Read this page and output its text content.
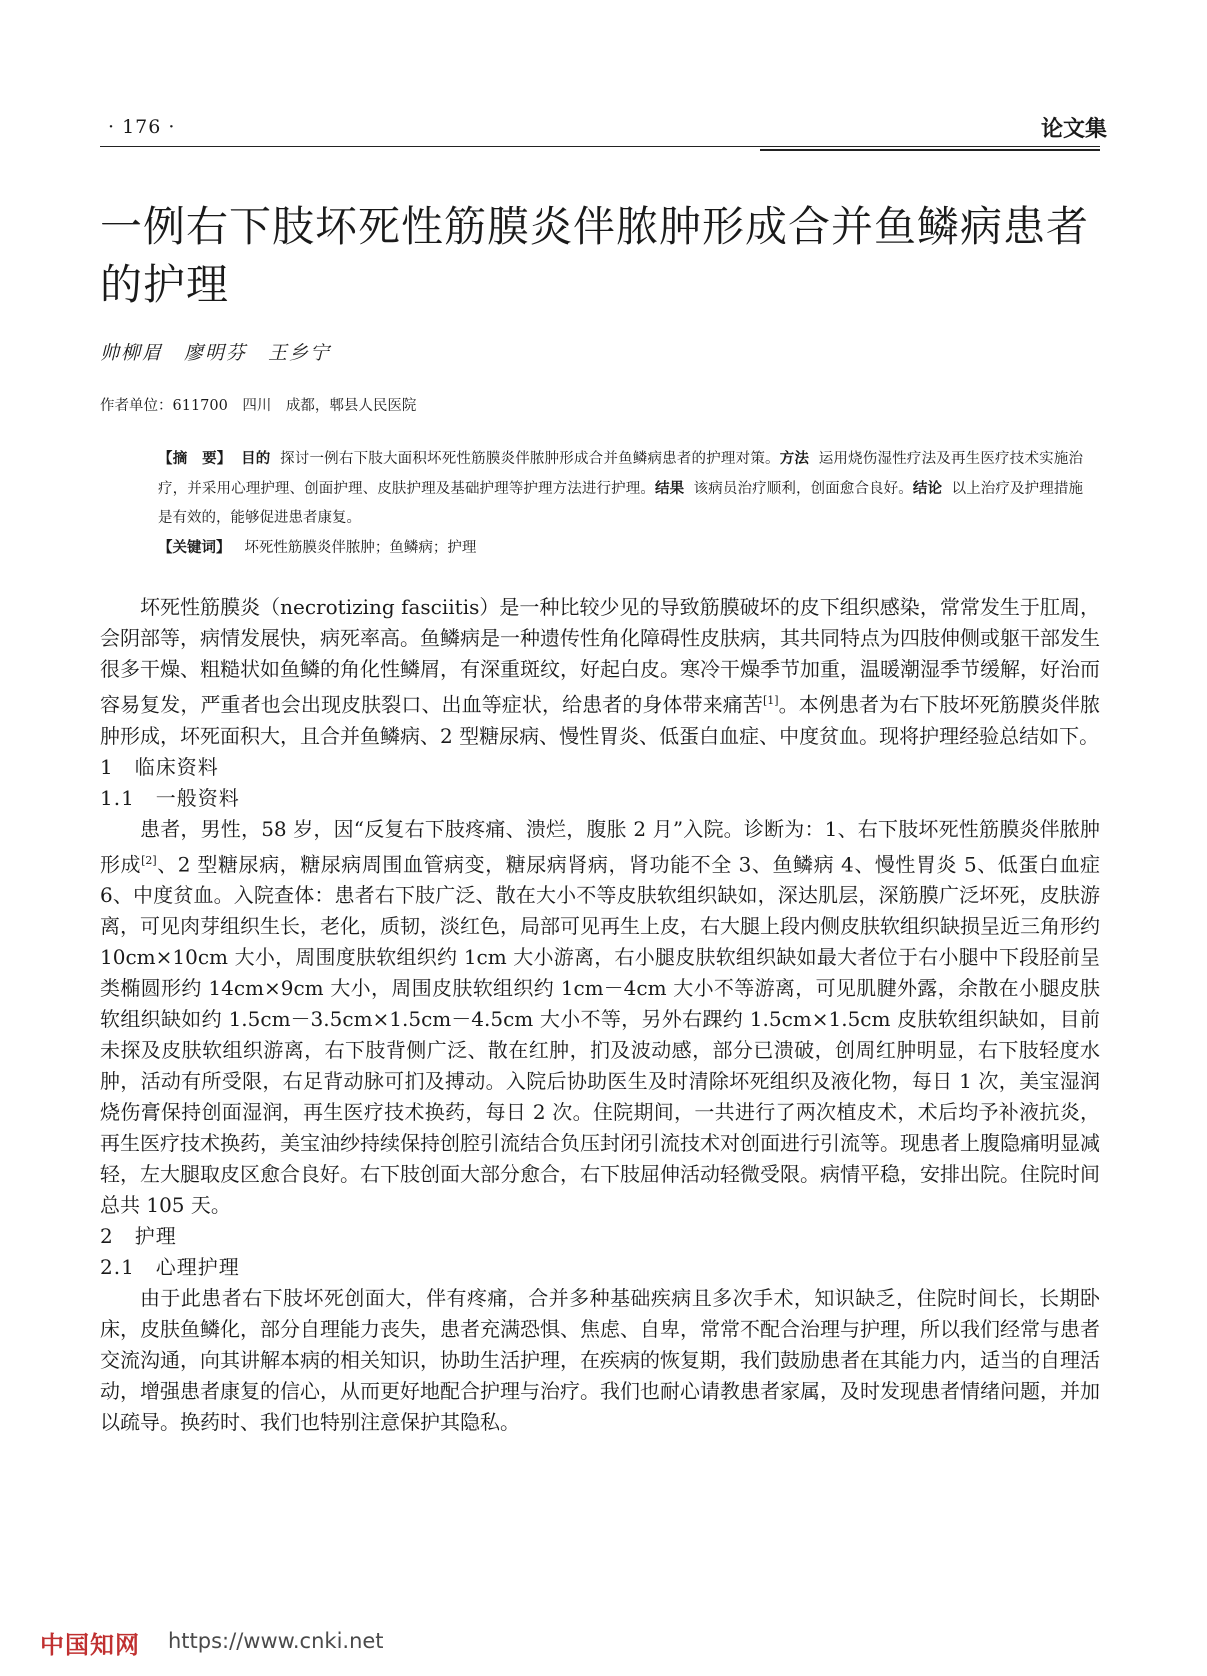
· 176 ·	论文集
一例右下肢坏死性筋膜炎伴脓肿形成合并鱼鳞病患者的护理
帅柳眉　廖明芬　王乡宁
作者单位：611700　四川　成都，郫县人民医院

【摘　要】 目的 探讨一例右下肢大面积坏死性筋膜炎伴脓肿形成合并鱼鳞病患者的护理对策。方法 运用烧伤湿性疗法及再生医疗技术实施治疗，并采用心理护理、创面护理、皮肤护理及基础护理等护理方法进行护理。结果 该病员治疗顺利，创面愈合良好。结论 以上治疗及护理措施是有效的，能够促进患者康复。

【关键词】 坏死性筋膜炎伴脓肿；鱼鳞病；护理

坏死性筋膜炎（necrotizing fasciitis）是一种比较少见的导致筋膜破坏的皮下组织感染，常常发生于肛周，会阴部等，病情发展快，病死率高。鱼鳞病是一种遗传性角化障碍性皮肤病，其共同特点为四肢伸侧或躯干部发生很多干燥、粗糙状如鱼鳞的角化性鳞屑，有深重斑纹，好起白皮。寒冷干燥季节加重，温暖潮湿季节缓解，好治而容易复发，严重者也会出现皮肤裂口、出血等症状，给患者的身体带来痛苦[1]。本例患者为右下肢坏死筋膜炎伴脓肿形成，坏死面积大，且合并鱼鳞病、2 型糖尿病、慢性胃炎、低蛋白血症、中度贫血。现将护理经验总结如下。

1　临床资料
1.1　一般资料

患者，男性，58 岁，因“反复右下肢疼痛、溃烂，腹胀 2 月”入院。诊断为：1、右下肢坏死性筋膜炎伴脓肿形成[2]、2 型糖尿病，糖尿病周围血管病变，糖尿病肾病，肾功能不全 3、鱼鳞病 4、慢性胃炎 5、低蛋白血症 6、中度贫血。入院查体：患者右下肢广泛、散在大小不等皮肤软组织缺如，深达肌层，深筋膜广泛坏死，皮肤游离，可见肉芽组织生长，老化，质韧，淡红色，局部可见再生上皮，右大腿上段内侧皮肤软组织缺损呈近三角形约 10cm×10cm 大小，周围度肤软组织约 1cm 大小游离，右小腿皮肤软组织缺如最大者位于右小腿中下段胫前呈类椭圆形约 14cm×9cm 大小，周围皮肤软组织约 1cm－4cm 大小不等游离，可见肌腱外露，余散在小腿皮肤软组织缺如约 1.5cm－3.5cm×1.5cm－4.5cm 大小不等，另外右踝约 1.5cm×1.5cm 皮肤软组织缺如，目前未探及皮肤软组织游离，右下肢背侧广泛、散在红肿，扪及波动感，部分已溃破，创周红肿明显，右下肢轻度水肿，活动有所受限，右足背动脉可扪及搏动。入院后协助医生及时清除坏死组织及液化物，每日 1 次，美宝湿润烧伤膏保持创面湿润，再生医疗技术换药，每日 2 次。住院期间，一共进行了两次植皮术，术后均予补液抗炎，再生医疗技术换药，美宝油纱持续保持创腔引流结合负压封闭引流技术对创面进行引流等。现患者上腹隐痛明显减轻，左大腿取皮区愈合良好。右下肢创面大部分愈合，右下肢屈伸活动轻微受限。病情平稳，安排出院。住院时间总共 105 天。

2　护理
2.1　心理护理

由于此患者右下肢坏死创面大，伴有疼痛，合并多种基础疾病且多次手术，知识缺乏，住院时间长，长期卧床，皮肤鱼鳞化，部分自理能力丧失，患者充满恐惧、焦虑、自卑，常常不配合治理与护理，所以我们经常与患者交流沟通，向其讲解本病的相关知识，协助生活护理，在疾病的恢复期，我们鼓励患者在其能力内，适当的自理活动，增强患者康复的信心，从而更好地配合护理与治疗。我们也耐心请教患者家属，及时发现患者情绪问题，并加以疏导。换药时、我们也特别注意保护其隐私。

中国知网 https://www.cnki.net
